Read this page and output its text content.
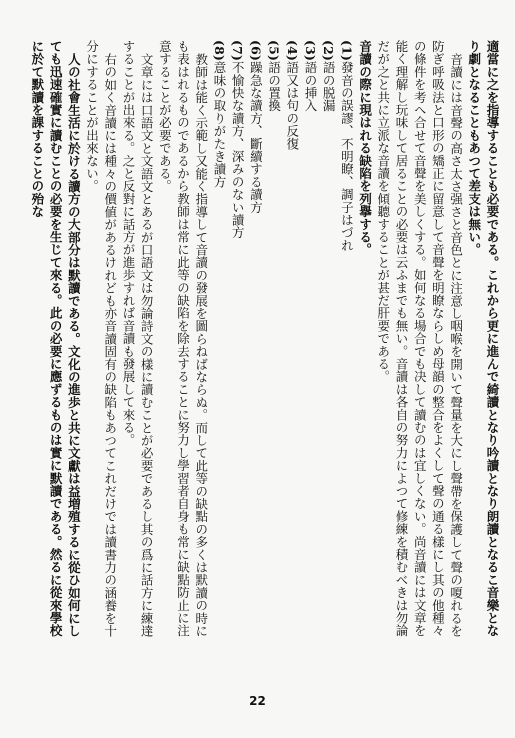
適當に之を指導することも必要である。これから更に進んで綺讀となり吟讀となり朗讀となるこ音樂となり劇となることもあつて差支は無い。

音讀には音聲の高さ太さ强さと音色とに注意し咽喉を開いて聲量を大にし聲帶を保護して聲の嗄れるを防ぎ呼吸法と口形の矯正に留意して音聲を明瞭ならしめ母韻の整合をよくして聲の通る樣にし其の他種々の條件を考へ合せて音聲を美しくする。如何なる場合でも决して讀むのは宜しくない。尚音讀には文章を能く理解し玩味して居ることの必要は云ふまでも無い。音讀は各自の努力によつて修練を積むべきは勿論だが之と共に立派な音讀を傾聽することが甚だ肝要である。

音讀の際に現はれる缺陷を列擧する。

(1)發音の誤謬、不明瞭、調子はづれ

(2)語の脱漏

(3)語の挿入

(4)語又は句の反復

(5)語の置換

(6)躁急な讀方、斷續する讀方

(7)不愉快な讀方、深みのない讀方

(8)意味の取りがたき讀方

教師は能く示範し又能く指導して音讀の發展を圖らねばならぬ。而して此等の缺點の多くは默讀の時にも表はれるものであるから教師は常に此等の缺陷を除去することに努力し學習者自身も常に缺點防止に注意することが必要である。

文章には口語文と文語文とあるが口語文は勿論詩文の樣に讀むことが必要であるし其の爲に話方に練達することが出來る。之と反對に話方が進歩すれば音讀も發展して來る。

右の如く音讀には種々の價値があるけれども亦音讀固有の缺陷もあつてこれだけでは讀書力の涵養を十分にすることが出來ない。

人の社會生活に於ける讀方の大部分は默讀である。文化の進歩と共に文獻は益増殖するに從ひ如何にしても迅速確實に讀むことの必要を生じて來る。此の必要に應ずるものは實に默讀である。然るに從來學校に於て默讀を課することの殆な

22
